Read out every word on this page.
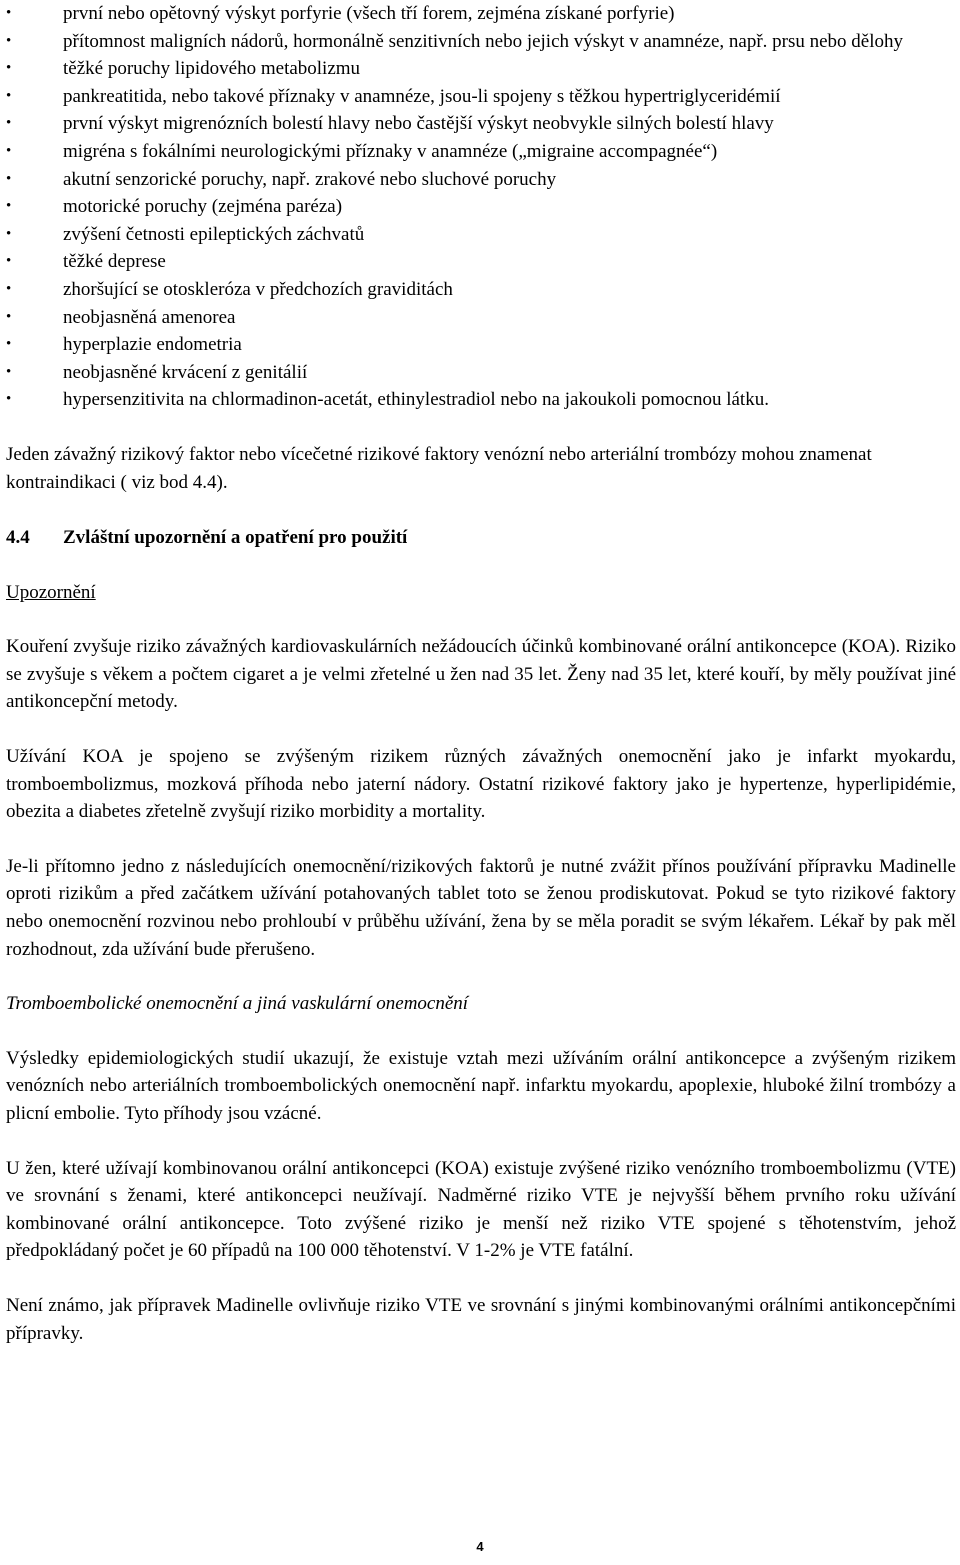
•	první nebo opětovný výskyt porfyrie (všech tří forem, zejména získané porfyrie)
•	přítomnost maligních nádorů, hormonálně senzitivních nebo jejich výskyt v anamnéze, např. prsu nebo dělohy
•	těžké poruchy lipidového metabolizmu
•	pankreatitida, nebo takové příznaky v anamnéze, jsou-li spojeny s těžkou hypertriglyceridémií
•	první výskyt migrenózních bolestí hlavy nebo častější výskyt neobvykle silných bolestí hlavy
•	migréna s fokálními neurologickými příznaky v anamnéze („migraine accompagnée“)
•	akutní senzorické poruchy, např. zrakové nebo sluchové poruchy
•	motorické poruchy (zejména paréza)
•	zvýšení četnosti epileptických záchvatů
•	těžké deprese
•	zhoršující se otoskleróza v předchozích graviditách
•	neobjasněná amenorea
•	hyperplazie endometria
•	neobjasněné krvácení z genitálií
•	hypersenzitivita na chlormadinon-acetát, ethinylestradiol nebo na jakoukoli pomocnou látku.

Jeden závažný rizikový faktor nebo vícečetné rizikové faktory venózní nebo arteriální trombózy mohou znamenat kontraindikaci ( viz bod 4.4).

4.4 Zvláštní upozornění a opatření pro použití

Upozornění

Kouření zvyšuje riziko závažných kardiovaskulárních nežádoucích účinků kombinované orální antikoncepce (KOA). Riziko se zvyšuje s věkem a počtem cigaret a je velmi zřetelné u žen nad 35 let. Ženy nad 35 let, které kouří, by měly používat jiné antikoncepční metody.

Užívání KOA je spojeno se zvýšeným rizikem různých závažných onemocnění jako je infarkt myokardu, tromboembolizmus, mozková příhoda nebo jaterní nádory. Ostatní rizikové faktory jako je hypertenze, hyperlipidémie, obezita a diabetes zřetelně zvyšují riziko morbidity a mortality.

Je-li přítomno jedno z následujících onemocnění/rizikových faktorů je nutné zvážit přínos používání přípravku Madinelle oproti rizikům a před začátkem užívání potahovaných tablet toto se ženou prodiskutovat. Pokud se tyto rizikové faktory nebo onemocnění rozvinou nebo prohloubí v průběhu užívání, žena by se měla poradit se svým lékařem. Lékař by pak měl rozhodnout, zda užívání bude přerušeno.

Tromboembolické onemocnění a jiná vaskulární onemocnění

Výsledky epidemiologických studií ukazují, že existuje vztah mezi užíváním orální antikoncepce a zvýšeným rizikem venózních nebo arteriálních tromboembolických onemocnění např. infarktu myokardu, apoplexie, hluboké žilní trombózy a plicní embolie. Tyto příhody jsou vzácné.

U žen, které užívají kombinovanou orální antikoncepci (KOA) existuje zvýšené riziko venózního tromboembolizmu (VTE) ve srovnání s ženami, které antikoncepci neužívají. Nadměrné riziko VTE je nejvyšší během prvního roku užívání kombinované orální antikoncepce. Toto zvýšené riziko je menší než riziko VTE spojené s těhotenstvím, jehož předpokládaný počet je 60 případů na 100 000 těhotenství. V 1-2% je VTE fatální.

Není známo, jak přípravek Madinelle ovlivňuje riziko VTE ve srovnání s jinými kombinovanými orálními antikoncepčními přípravky.

4
